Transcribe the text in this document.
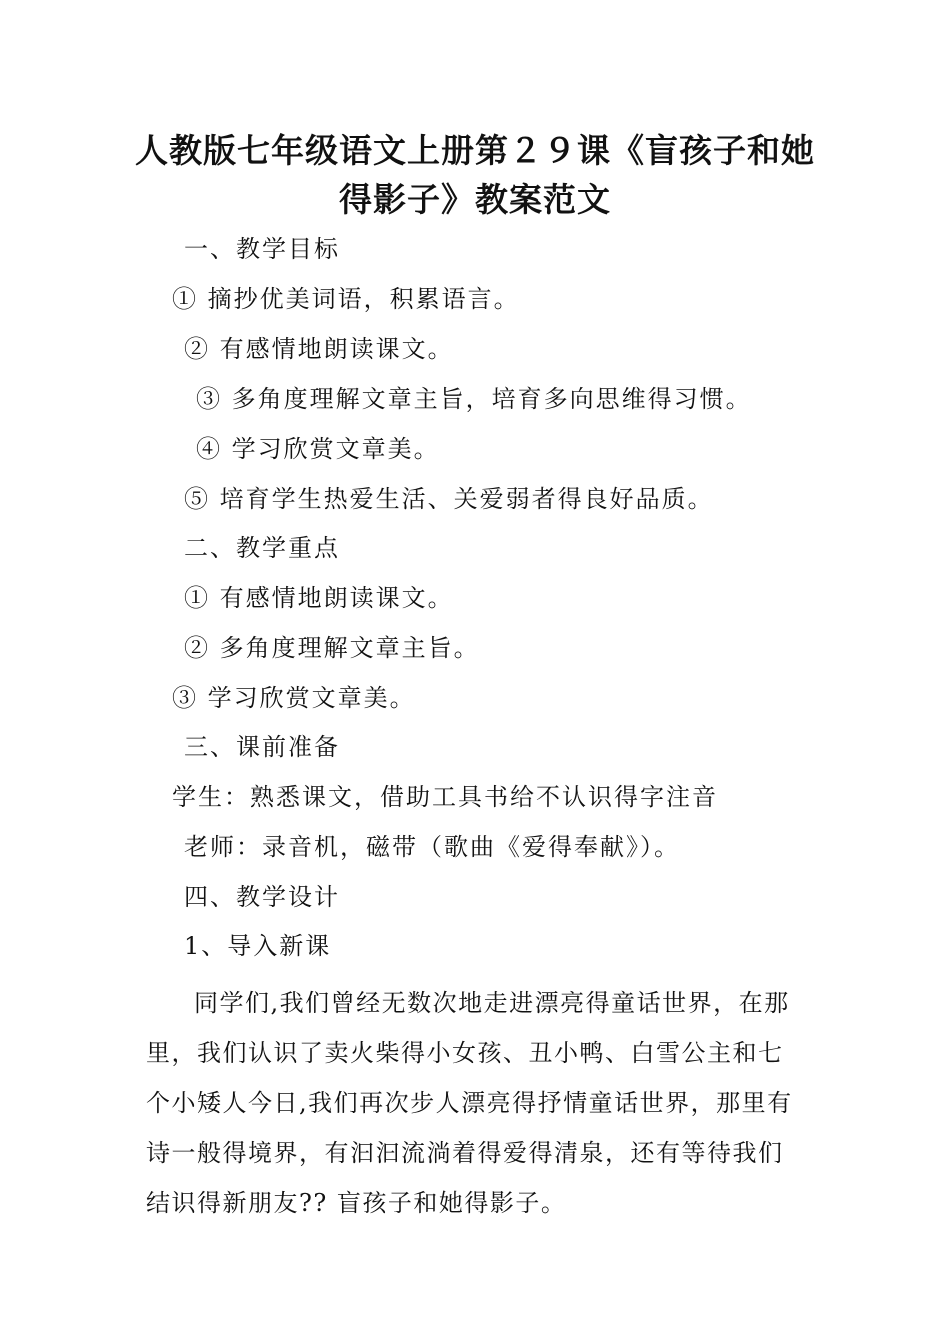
人教版七年级语文上册第２９课《盲孩子和她
得影子》教案范文
一、教学目标
① 摘抄优美词语，积累语言。
② 有感情地朗读课文。
③ 多角度理解文章主旨，培育多向思维得习惯。
④ 学习欣赏文章美。
⑤ 培育学生热爱生活、关爱弱者得良好品质。
二、教学重点
① 有感情地朗读课文。
② 多角度理解文章主旨。
③ 学习欣赏文章美。
三、课前准备
学生：熟悉课文，借助工具书给不认识得字注音
老师：录音机，磁带（歌曲《爱得奉献》）。
四、教学设计
1、导入新课

同学们,我们曾经无数次地走进漂亮得童话世界，在那里，我们认识了卖火柴得小女孩、丑小鸭、白雪公主和七个小矮人今日,我们再次步人漂亮得抒情童话世界，那里有诗一般得境界，有汩汩流淌着得爱得清泉，还有等待我们结识得新朋友?? 盲孩子和她得影子。
